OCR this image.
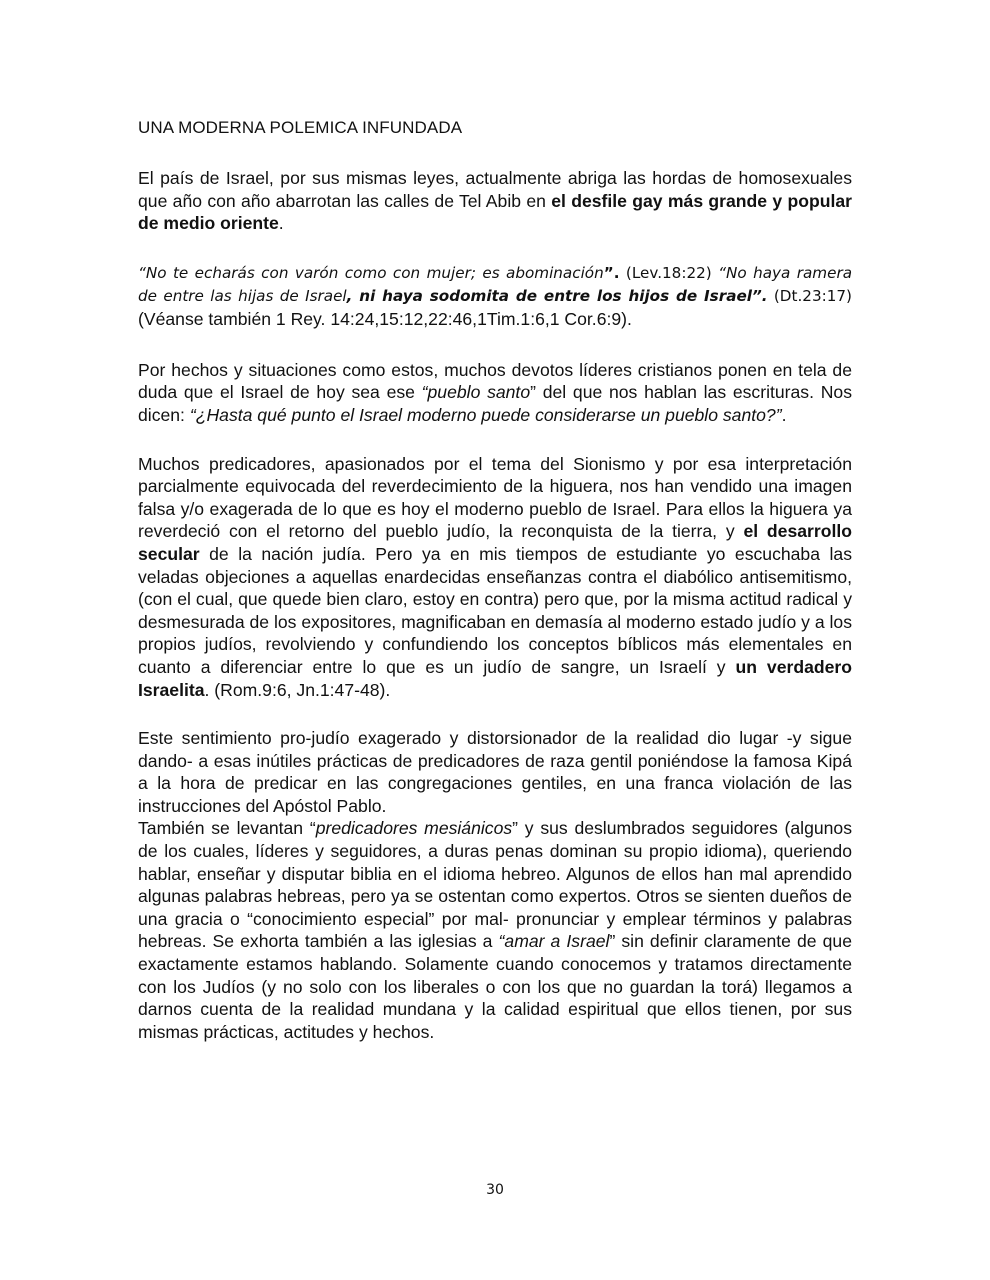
UNA MODERNA POLEMICA INFUNDADA

El país de Israel, por sus mismas leyes, actualmente abriga las hordas de homosexuales que año con año abarrotan las calles de Tel Abib en el desfile gay más grande y popular de medio oriente.

“No te echarás con varón como con mujer; es abominación”. (Lev.18:22) “No haya ramera de entre las hijas de Israel, ni haya sodomita de entre los hijos de Israel”. (Dt.23:17)(Véanse también 1 Rey. 14:24,15:12,22:46,1Tim.1:6,1 Cor.6:9).

Por hechos y situaciones como estos, muchos devotos líderes cristianos ponen en tela de duda que el Israel de hoy sea ese “pueblo santo” del que nos hablan las escrituras. Nos dicen: “¿Hasta qué punto el Israel moderno puede considerarse un pueblo santo?”.

Muchos predicadores, apasionados por el tema del Sionismo y por esa interpretación parcialmente equivocada del reverdecimiento de la higuera, nos han vendido una imagen falsa y/o exagerada de lo que es hoy el moderno pueblo de Israel. Para ellos la higuera ya reverdeció con el retorno del pueblo judío, la reconquista de la tierra, y el desarrollo secular de la nación judía. Pero ya en mis tiempos de estudiante yo escuchaba las veladas objeciones a aquellas enardecidas enseñanzas contra el diabólico antisemitismo, (con el cual, que quede bien claro, estoy en contra) pero que, por la misma actitud radical y desmesurada de los expositores, magnificaban en demasía al moderno estado judío y a los propios judíos, revolviendo y confundiendo los conceptos bíblicos más elementales en cuanto a diferenciar entre lo que es un judío de sangre, un Israelí y un verdadero Israelita. (Rom.9:6, Jn.1:47-48).

Este sentimiento pro-judío exagerado y distorsionador de la realidad dio lugar -y sigue dando- a esas inútiles prácticas de predicadores de raza gentil poniéndose la famosa Kipá a la hora de predicar en las congregaciones gentiles, en una franca violación de las instrucciones del Apóstol Pablo.

También se levantan “predicadores mesiánicos” y sus deslumbrados seguidores (algunos de los cuales, líderes y seguidores, a duras penas dominan su propio idioma), queriendo hablar, enseñar y disputar biblia en el idioma hebreo. Algunos de ellos han mal aprendido algunas palabras hebreas, pero ya se ostentan como expertos. Otros se sienten dueños de una gracia o “conocimiento especial” por mal- pronunciar y emplear términos y palabras hebreas. Se exhorta también a las iglesias a “amar a Israel” sin definir claramente de que exactamente estamos hablando. Solamente cuando conocemos y tratamos directamente con los Judíos (y no solo con los liberales o con los que no guardan la torá) llegamos a darnos cuenta de la realidad mundana y la calidad espiritual que ellos tienen, por sus mismas prácticas, actitudes y hechos.

30
